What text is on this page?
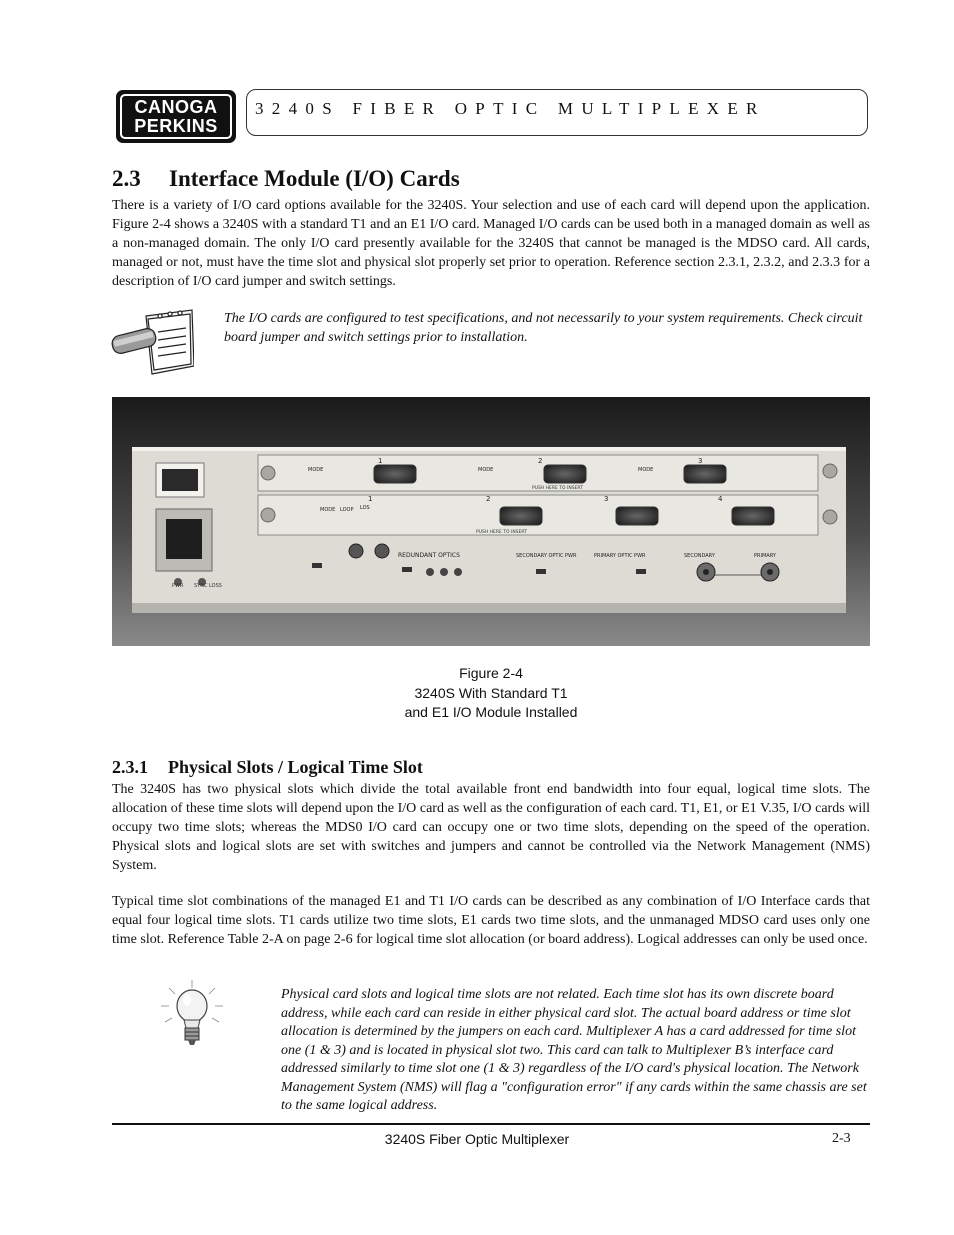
CANOGA
PERKINS
3240S FIBER OPTIC MULTIPLEXER
2.3 Interface Module (I/O) Cards

There is a variety of I/O card options available for the 3240S. Your selection and use of each card will depend upon the application. Figure 2-4 shows a 3240S with a standard T1 and an E1 I/O card. Managed I/O cards can be used both in a managed domain as well as a non-managed domain. The only I/O card presently available for the 3240S that cannot be managed is the MDSO card. All cards, managed or not, must have the time slot and physical slot properly set prior to operation. Reference section 2.3.1, 2.3.2, and 2.3.3 for a description of I/O card jumper and switch settings.

The I/O cards are configured to test specifications, and not necessarily to your system requirements. Check circuit board jumper and switch settings prior to installation.

PWR SYNC LOSS
1	2	3
MODE	MODE	MODE
PUSH HERE TO INSERT
1	2	3	4
MODE LOOP LOS
PUSH HERE TO INSERT
REDUNDANT OPTICS	SECONDARY OPTIC PWR	PRIMARY OPTIC PWR	SECONDARY	PRIMARY
Figure 2-4
3240S With Standard T1
and E1 I/O Module Installed
2.3.1 Physical Slots / Logical Time Slot

The 3240S has two physical slots which divide the total available front end bandwidth into four equal, logical time slots. The allocation of these time slots will depend upon the I/O card as well as the configuration of each card. T1, E1, or E1 V.35, I/O cards will occupy two time slots; whereas the MDS0 I/O card can occupy one or two time slots, depending on the speed of the operation. Physical slots and logical slots are set with switches and jumpers and cannot be controlled via the Network Management (NMS) System.

Typical time slot combinations of the managed E1 and T1 I/O cards can be described as any combination of I/O Interface cards that equal four logical time slots. T1 cards utilize two time slots, E1 cards two time slots, and the unmanaged MDSO card uses only one time slot. Reference Table 2-A on page 2-6 for logical time slot allocation (or board address). Logical addresses can only be used once.

Physical card slots and logical time slots are not related. Each time slot has its own discrete board address, while each card can reside in either physical card slot. The actual board address or time slot allocation is determined by the jumpers on each card. Multiplexer A has a card addressed for time slot one (1 & 3) and is located in physical slot two. This card can talk to Multiplexer B’s interface card addressed similarly to time slot one (1 & 3) regardless of the I/O card's physical location. The Network Management System (NMS) will flag a "configuration error" if any cards within the same chassis are set to the same logical address.

3240S Fiber Optic Multiplexer	2-3
